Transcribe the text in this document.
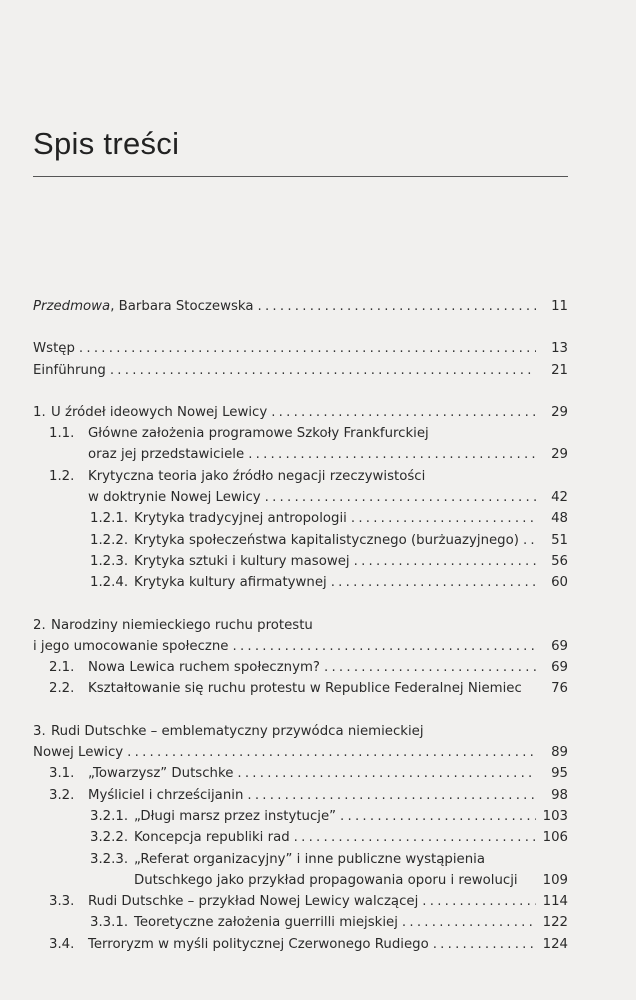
Spis treści
Przedmowa, Barbara Stoczewska . . .	11
Wstęp . . .	13
Einführung . . .	21
1. U źródeł ideowych Nowej Lewicy . . .	29
1.1.	Główne założenia programowe Szkoły Frankfurckiej
oraz jej przedstawiciele . . .	29
1.2.	Krytyczna teoria jako źródło negacji rzeczywistości
w doktrynie Nowej Lewicy . . .	42
1.2.1. Krytyka tradycyjnej antropologii . . .	48
1.2.2. Krytyka społeczeństwa kapitalistycznego (burżuazyjnego) . . .	51
1.2.3. Krytyka sztuki i kultury masowej . . .	56
1.2.4. Krytyka kultury afirmatywnej . . .	60
2. Narodziny niemieckiego ruchu protestu
i jego umocowanie społeczne . . .	69
2.1.	Nowa Lewica ruchem społecznym? . . .	69
2.2.	Kształtowanie się ruchu protestu w Republice Federalnej Niemiec	76
3. Rudi Dutschke – emblematyczny przywódca niemieckiej
Nowej Lewicy . . .	89
3.1.	„Towarzysz” Dutschke . . .	95
3.2.	Myśliciel i chrześcijanin . . .	98
3.2.1. „Długi marsz przez instytucje” . . .	103
3.2.2. Koncepcja republiki rad . . .	106
3.2.3. „Referat organizacyjny” i inne publiczne wystąpienia
Dutschkego jako przykład propagowania oporu i rewolucji 109
3.3.	Rudi Dutschke – przykład Nowej Lewicy walczącej . . .	114
3.3.1. Teoretyczne założenia guerrilli miejskiej . . .	122
3.4.	Terroryzm w myśli politycznej Czerwonego Rudiego . . .	124
